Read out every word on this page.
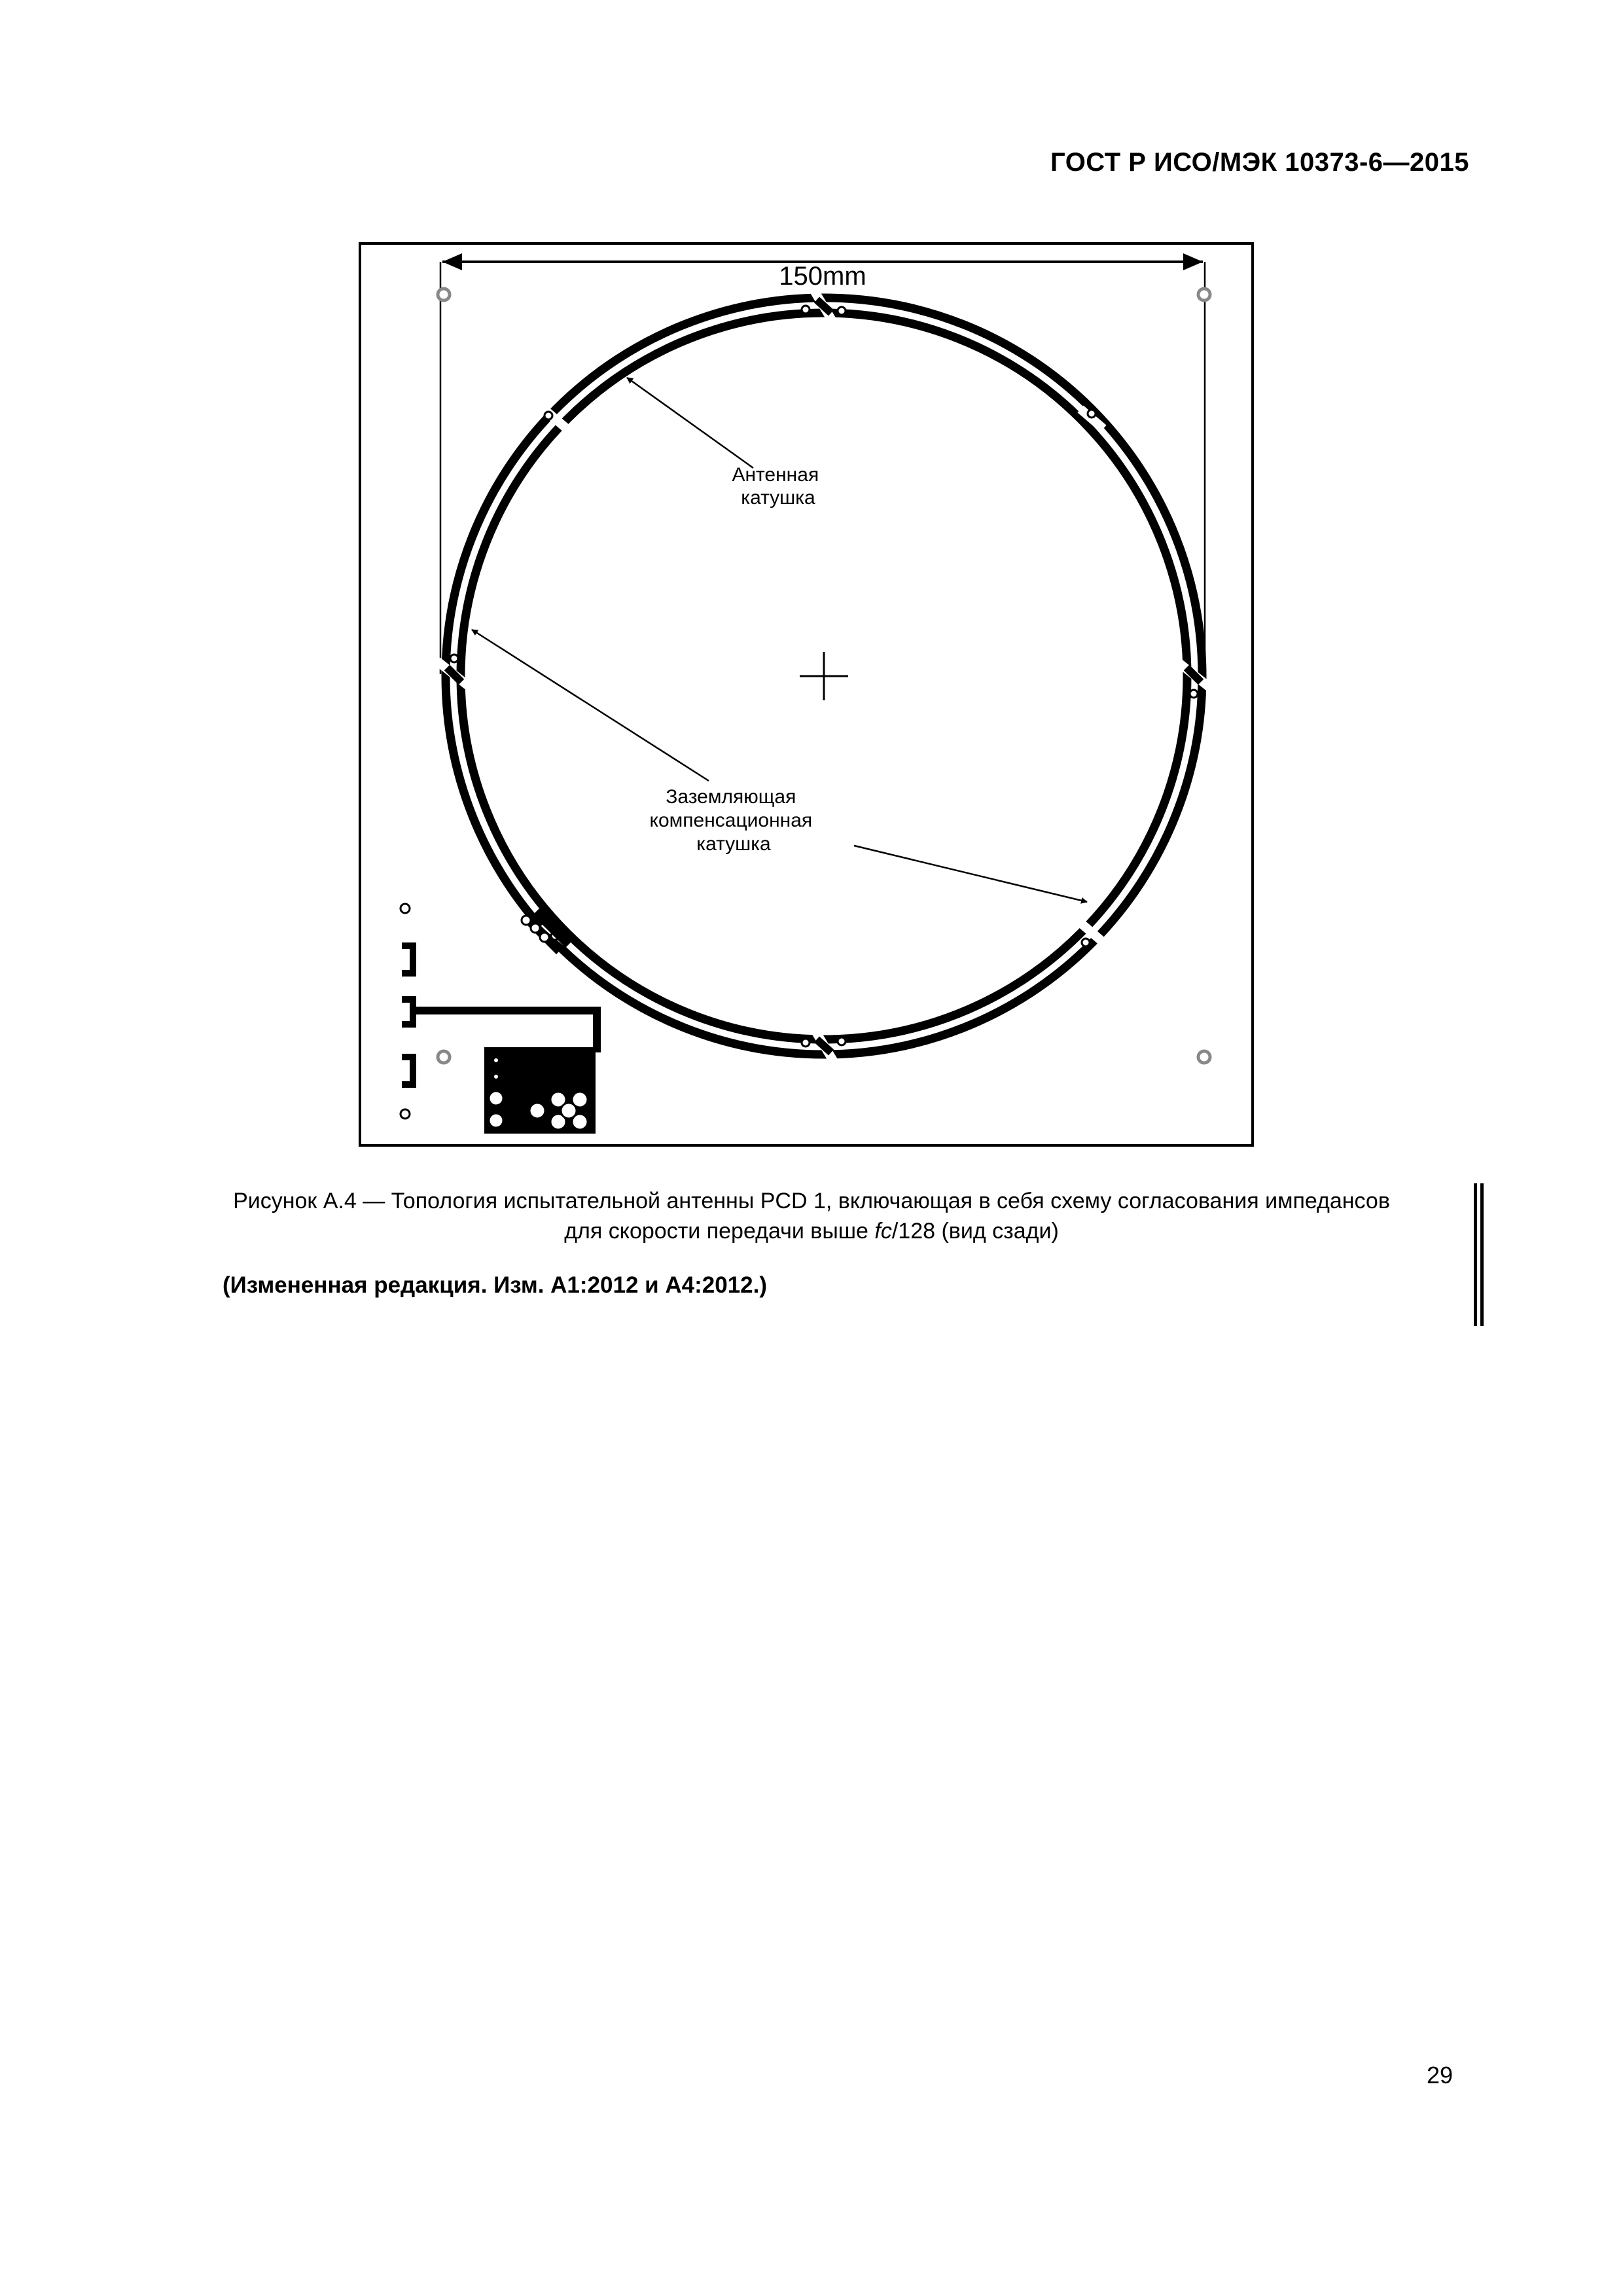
ГОСТ Р ИСО/МЭК 10373-6—2015
150mm
Антенная катушка
Заземляющая компенсационная катушка
Рисунок А.4 — Топология испытательной антенны PCD 1, включающая в себя схему согласования импедансов
для скорости передачи выше fc/128 (вид сзади)
(Измененная редакция. Изм. А1:2012 и А4:2012.)
29
